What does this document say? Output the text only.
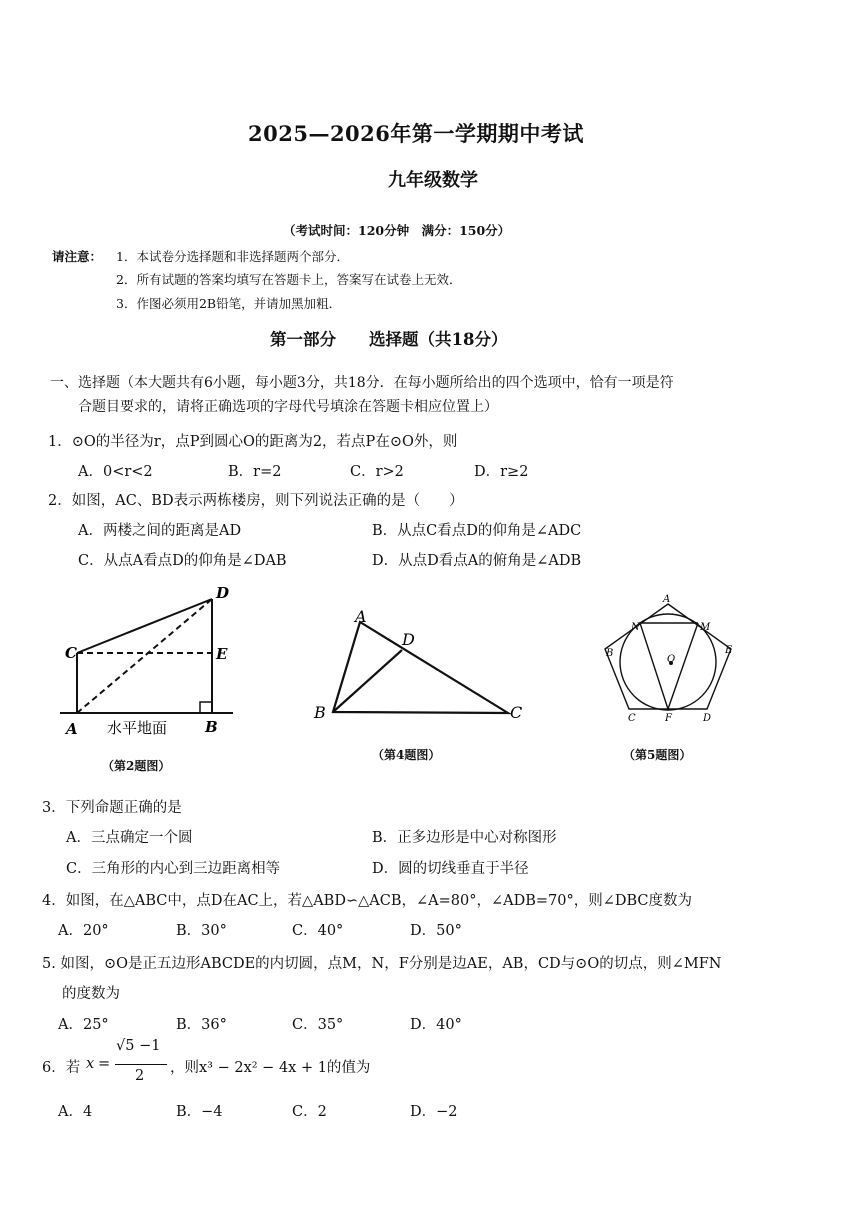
2025—2026年第一学期期中考试
九年级数学
（考试时间：120分钟　满分：150分）
请注意： 1．本试卷分选择题和非选择题两个部分．
2．所有试题的答案均填写在答题卡上，答案写在试卷上无效．
3．作图必须用2B铅笔，并请加黑加粗．
第一部分　　选择题（共18分）
一、选择题（本大题共有6小题，每小题3分，共18分．在每小题所给出的四个选项中，恰有一项是符
合题目要求的，请将正确选项的字母代号填涂在答题卡相应位置上）
1．⊙O的半径为r，点P到圆心O的距离为2，若点P在⊙O外，则
A．0<r<2	B．r=2	C．r>2	D．r≥2
2．如图，AC、BD表示两栋楼房，则下列说法正确的是（　　）
A．两楼之间的距离是AD	B．从点C看点D的仰角是∠ADC
C．从点A看点D的仰角是∠DAB	D．从点D看点A的俯角是∠ADB
C
D
E
A	B
水平地面
（第2题图）
A
D
B	C
（第4题图）
A
M
N
E
B
O
C	F	D
（第5题图）
3．下列命题正确的是
A．三点确定一个圆	B．正多边形是中心对称图形
C．三角形的内心到三边距离相等	D．圆的切线垂直于半径
4．如图，在△ABC中，点D在AC上，若△ABD∽△ACB，∠A=80°，∠ADB=70°，则∠DBC度数为
A．20°	B．30°	C．40°	D．50°
5. 如图，⊙O是正五边形ABCDE的内切圆，点M，N，F分别是边AE，AB，CD与⊙O的切点，则∠MFN
的度数为
A．25°	B．36°	C．35°	D．40°
6．若 x =
√5 −1
2 ，则x³ − 2x² − 4x + 1的值为
A．4	B．−4	C．2	D．−2
